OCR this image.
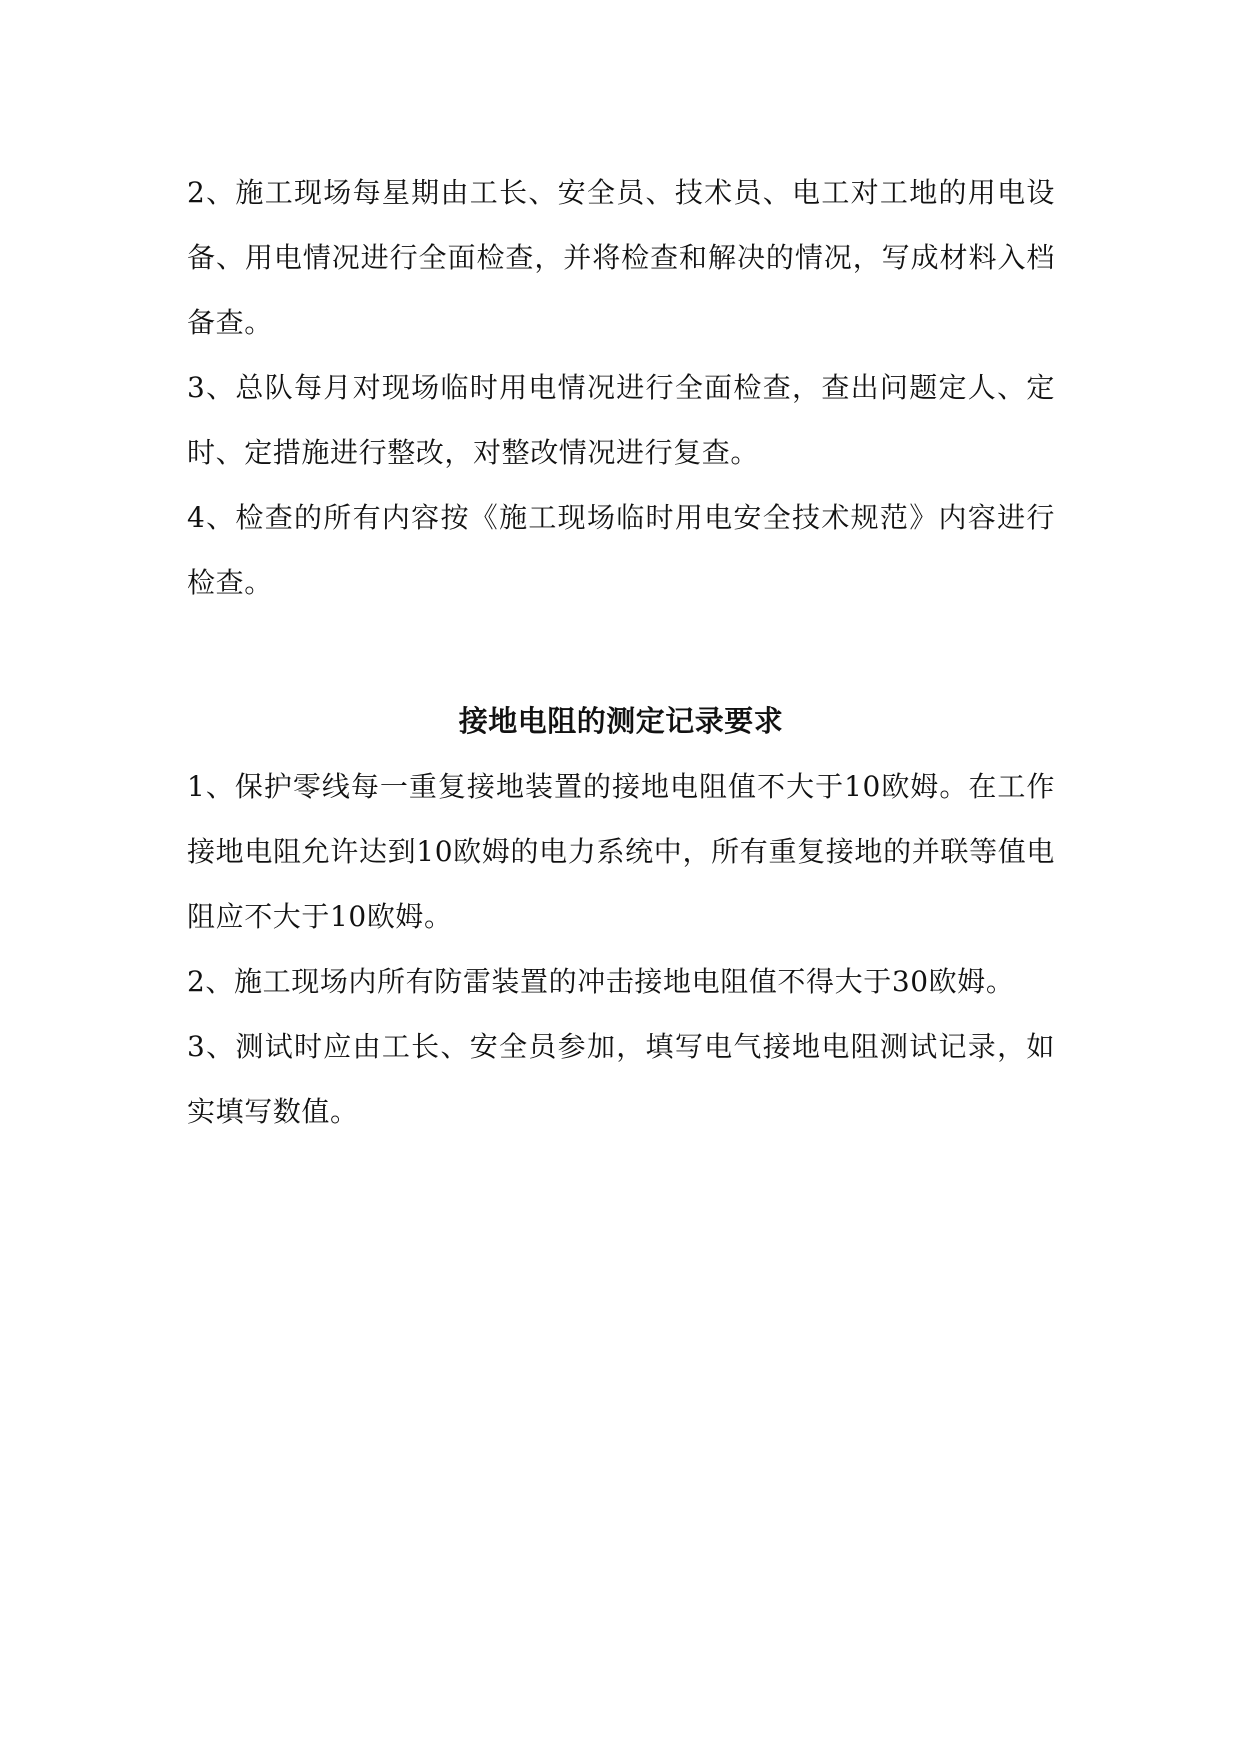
2、施工现场每星期由工长、安全员、技术员、电工对工地的用电设备、用电情况进行全面检查，并将检查和解决的情况，写成材料入档备查。

3、总队每月对现场临时用电情况进行全面检查，查出问题定人、定时、定措施进行整改，对整改情况进行复查。

4、检查的所有内容按《施工现场临时用电安全技术规范》内容进行检查。

接地电阻的测定记录要求

1、保护零线每一重复接地装置的接地电阻值不大于10欧姆。在工作接地电阻允许达到10欧姆的电力系统中，所有重复接地的并联等值电阻应不大于10欧姆。

2、施工现场内所有防雷装置的冲击接地电阻值不得大于30欧姆。

3、测试时应由工长、安全员参加，填写电气接地电阻测试记录，如实填写数值。
